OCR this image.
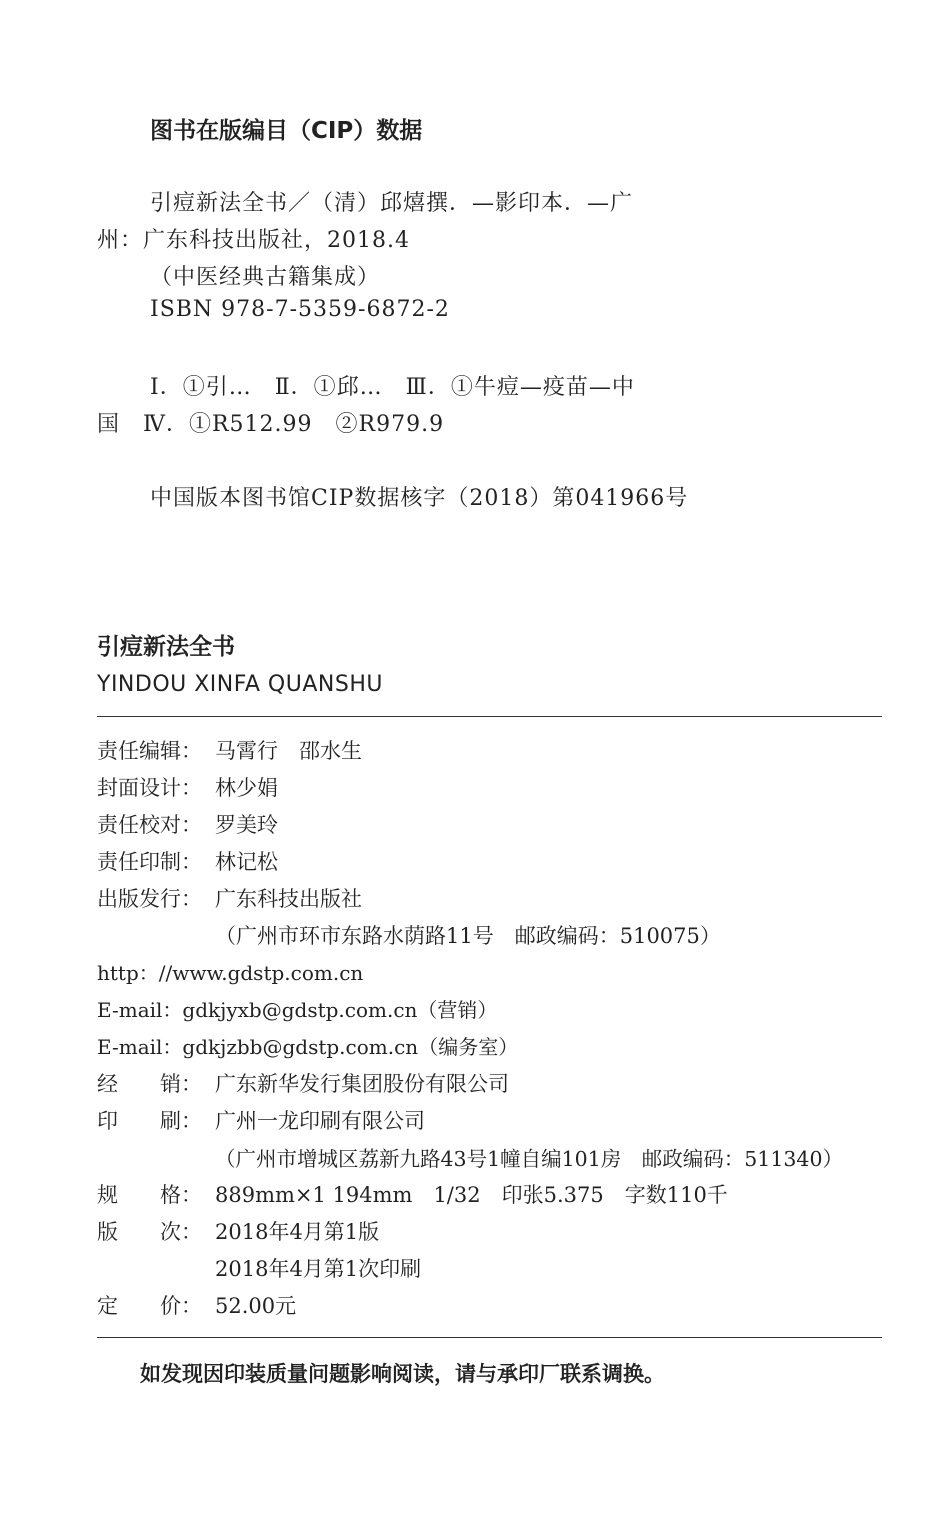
图书在版编目（CIP）数据
引痘新法全书／（清）邱熺撰．—影印本．—广
州：广东科技出版社，2018.4
（中医经典古籍集成）
ISBN 978-7-5359-6872-2
Ⅰ．①引…　Ⅱ．①邱…　Ⅲ．①牛痘—疫苗—中
国　Ⅳ．①R512.99　②R979.9
中国版本图书馆CIP数据核字（2018）第041966号
引痘新法全书
YINDOU XINFA QUANSHU
责任编辑： 马霄行　邵水生
封面设计： 林少娟
责任校对： 罗美玲
责任印制： 林记松
出版发行： 广东科技出版社
（广州市环市东路水荫路11号　邮政编码：510075）
http：//www.gdstp.com.cn
E-mail：gdkjyxb@gdstp.com.cn（营销）
E-mail：gdkjzbb@gdstp.com.cn（编务室）
经　　销： 广东新华发行集团股份有限公司
印　　刷： 广州一龙印刷有限公司
（广州市增城区荔新九路43号1幢自编101房　邮政编码：511340）
规　　格： 889mm×1 194mm　1/32　印张5.375　字数110千
版　　次： 2018年4月第1版
2018年4月第1次印刷
定　　价： 52.00元
如发现因印装质量问题影响阅读，请与承印厂联系调换。
